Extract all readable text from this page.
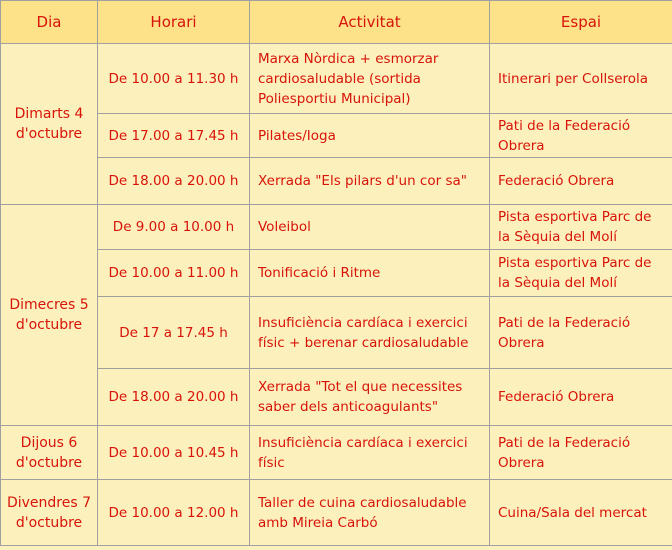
Dia	Horari	Activitat	Espai
Dimarts 4 d'octubre	De 10.00 a 11.30 h	Marxa Nòrdica + esmorzar cardiosaludable (sortida Poliesportiu Municipal)	Itinerari per Collserola
	De 17.00 a 17.45 h	Pilates/Ioga	Pati de la Federació Obrera
	De 18.00 a 20.00 h	Xerrada "Els pilars d'un cor sa"	Federació Obrera
Dimecres 5 d'octubre	De 9.00 a 10.00 h	Voleibol	Pista esportiva Parc de la Sèquia del Molí
	De 10.00 a 11.00 h	Tonificació i Ritme	Pista esportiva Parc de la Sèquia del Molí
	De 17 a 17.45 h	Insuficiència cardíaca i exercici físic + berenar cardiosaludable	Pati de la Federació Obrera
	De 18.00 a 20.00 h	Xerrada "Tot el que necessites saber dels anticoagulants"	Federació Obrera
Dijous 6 d'octubre	De 10.00 a 10.45 h	Insuficiència cardíaca i exercici físic	Pati de la Federació Obrera
Divendres 7 d'octubre	De 10.00 a 12.00 h	Taller de cuina cardiosaludable amb Mireia Carbó	Cuina/Sala del mercat
